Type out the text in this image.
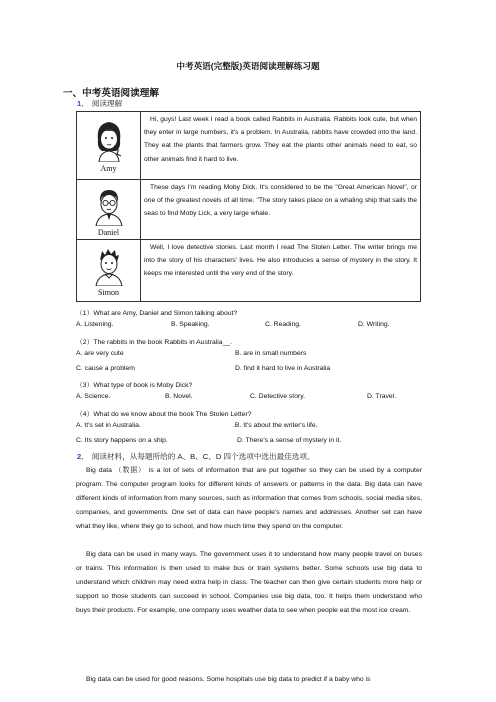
中考英语(完整版)英语阅读理解练习题
一、中考英语阅读理解
1． 阅读理解
Amy	Hi, guys! Last week I read a book called Rabbits in Australia. Rabbits look cute, but when they enter in large numbers, it's a problem. In Australia, rabbits have crowded into the land. They eat the plants that farmers grow. They eat the plants other animals need to eat, so other animals find it hard to live.

Daniel	These days I'm reading Moby Dick. It's considered to be the "Great American Novel", or one of the greatest novels of all time. "The story takes place on a whaling ship that sails the seas to find Moby Lick, a very large whale.

Simon	Well, I love detective stories. Last month I read The Stolen Letter. The writer brings me into the story of his characters' lives. He also introduces a sense of mystery in the story. It keeps me interested until the very end of the story.
（1）What are Amy, Daniel and Simon talking about?
A. Listening.	B. Speaking.	C. Reading.	D. Writing.
（2）The rabbits in the book Rabbits in Australia__.
A. are very cute	B. are in small numbers
C. cause a problem	D. find it hard to live in Australia
（3）What type of book is Moby Dick?
A. Science.	B. Novel.	C. Detective story.	D. Travel.
（4）What do we know about the book The Stolen Letter?
A. It's set in Australia.	.B. It's about the writer's life.
C. Its story happens on a ship.	D. There's a sense of mystery in it.
2． 阅读材料，从每题所给的 A、B、C、D 四个选项中选出最佳选项。
Big data （数据） is a lot of sets of information that are put together so they can be used by a computer program. The computer program looks for different kinds of answers or patterns in the data. Big data can have different kinds of information from many sources, such as information that comes from schools, social media sites, companies, and governments. One set of data can have people's names and addresses. Another set can have what they like, where they go to school, and how much time they spend on the computer.
Big data can be used in many ways. The government uses it to understand how many people travel on buses or trains. This information is then used to make bus or train systems better. Some schools use big data to understand which children may need extra help in class. The teacher can then give certain students more help or support so those students can succeed in school. Companies use big data, too. It helps them understand who buys their products. For example, one company uses weather data to see when people eat the most ice cream.
Big data can be used for good reasons. Some hospitals use big data to predict if a baby who is
